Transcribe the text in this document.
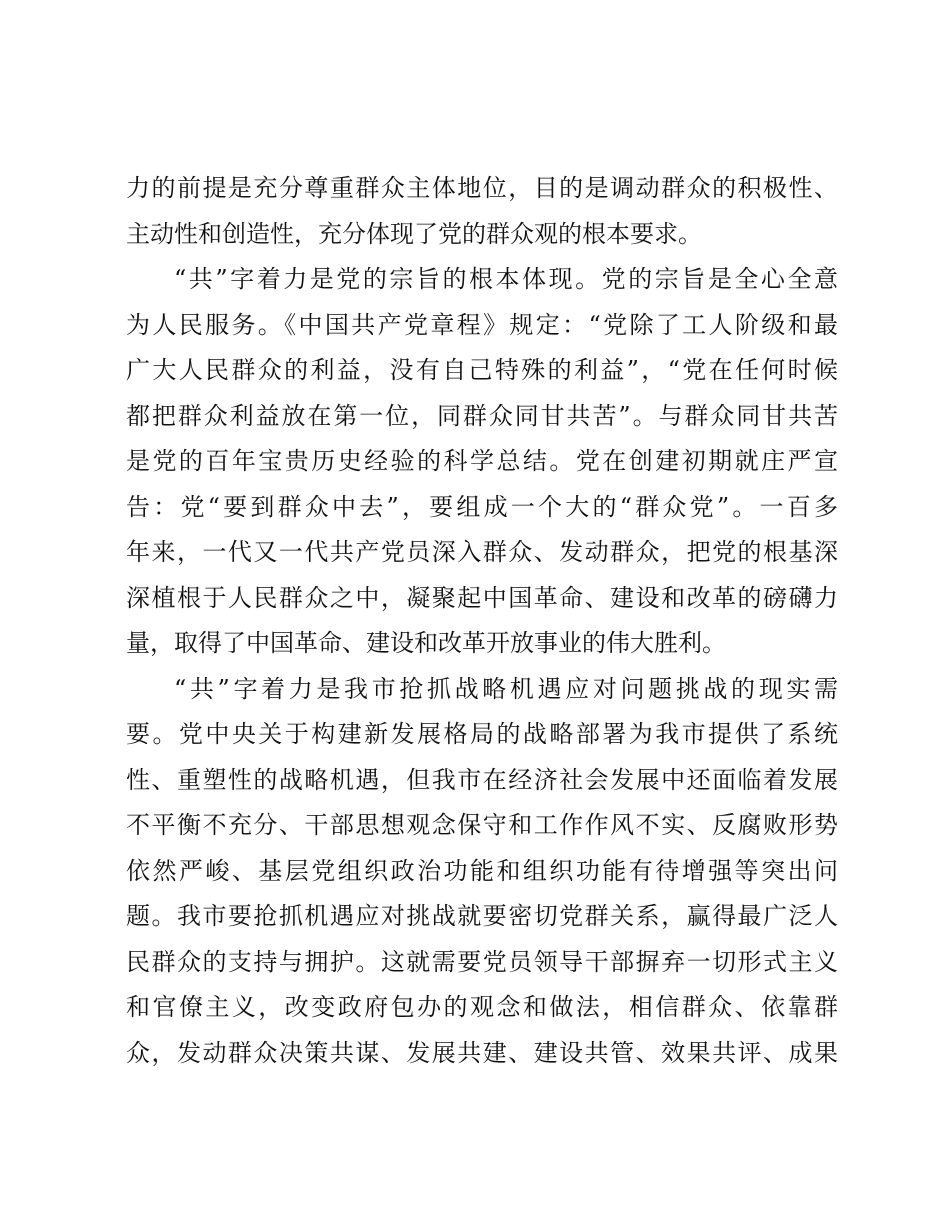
力的前提是充分尊重群众主体地位，目的是调动群众的积极性、
主动性和创造性，充分体现了党的群众观的根本要求。
“共”字着力是党的宗旨的根本体现。党的宗旨是全心全意
为人民服务。《中国共产党章程》规定：“党除了工人阶级和最
广大人民群众的利益，没有自己特殊的利益”，“党在任何时候
都把群众利益放在第一位，同群众同甘共苦”。与群众同甘共苦
是党的百年宝贵历史经验的科学总结。党在创建初期就庄严宣
告：党“要到群众中去”，要组成一个大的“群众党”。一百多
年来，一代又一代共产党员深入群众、发动群众，把党的根基深
深植根于人民群众之中，凝聚起中国革命、建设和改革的磅礴力
量，取得了中国革命、建设和改革开放事业的伟大胜利。
“共”字着力是我市抢抓战略机遇应对问题挑战的现实需
要。党中央关于构建新发展格局的战略部署为我市提供了系统
性、重塑性的战略机遇，但我市在经济社会发展中还面临着发展
不平衡不充分、干部思想观念保守和工作作风不实、反腐败形势
依然严峻、基层党组织政治功能和组织功能有待增强等突出问
题。我市要抢抓机遇应对挑战就要密切党群关系，赢得最广泛人
民群众的支持与拥护。这就需要党员领导干部摒弃一切形式主义
和官僚主义，改变政府包办的观念和做法，相信群众、依靠群
众，发动群众决策共谋、发展共建、建设共管、效果共评、成果
